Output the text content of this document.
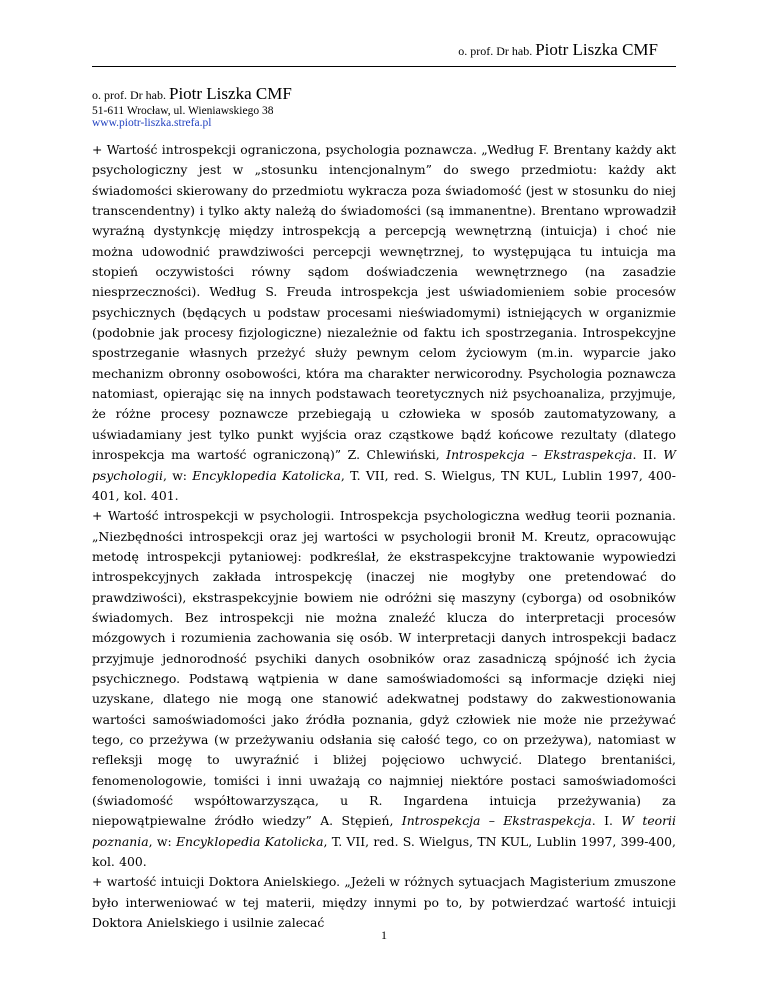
o. prof. Dr hab. Piotr Liszka CMF
o. prof. Dr hab. Piotr Liszka CMF
51-611 Wrocław, ul. Wieniawskiego 38
www.piotr-liszka.strefa.pl

+ Wartość introspekcji ograniczona, psychologia poznawcza. „Według F. Brentany każdy akt psychologiczny jest w „stosunku intencjonalnym” do swego przedmiotu: każdy akt świadomości skierowany do przedmiotu wykracza poza świadomość (jest w stosunku do niej transcendentny) i tylko akty należą do świadomości (są immanentne). Brentano wprowadził wyraźną dystynkcję między introspekcją a percepcją wewnętrzną (intuicja) i choć nie można udowodnić prawdziwości percepcji wewnętrznej, to występująca tu intuicja ma stopień oczywistości równy sądom doświadczenia wewnętrznego (na zasadzie niesprzeczności). Według S. Freuda introspekcja jest uświadomieniem sobie procesów psychicznych (będących u podstaw procesami nieświadomymi) istniejących w organizmie (podobnie jak procesy fizjologiczne) niezależnie od faktu ich spostrzegania. Introspekcyjne spostrzeganie własnych przeżyć służy pewnym celom życiowym (m.in. wyparcie jako mechanizm obronny osobowości, która ma charakter nerwicorodny. Psychologia poznawcza natomiast, opierając się na innych podstawach teoretycznych niż psychoanaliza, przyjmuje, że różne procesy poznawcze przebiegają u człowieka w sposób zautomatyzowany, a uświadamiany jest tylko punkt wyjścia oraz cząstkowe bądź końcowe rezultaty (dlatego inrospekcja ma wartość ograniczoną)” Z. Chlewiński, Introspekcja – Ekstraspekcja. II. W psychologii, w: Encyklopedia Katolicka, T. VII, red. S. Wielgus, TN KUL, Lublin 1997, 400-401, kol. 401.

+ Wartość introspekcji w psychologii. Introspekcja psychologiczna według teorii poznania. „Niezbędności introspekcji oraz jej wartości w psychologii bronił M. Kreutz, opracowując metodę introspekcji pytaniowej: podkreślał, że ekstraspekcyjne traktowanie wypowiedzi introspekcyjnych zakłada introspekcję (inaczej nie mogłyby one pretendować do prawdziwości), ekstraspekcyjnie bowiem nie odróżni się maszyny (cyborga) od osobników świadomych. Bez introspekcji nie można znaleźć klucza do interpretacji procesów mózgowych i rozumienia zachowania się osób. W interpretacji danych introspekcji badacz przyjmuje jednorodność psychiki danych osobników oraz zasadniczą spójność ich życia psychicznego. Podstawą wątpienia w dane samoświadomości są informacje dzięki niej uzyskane, dlatego nie mogą one stanowić adekwatnej podstawy do zakwestionowania wartości samoświadomości jako źródła poznania, gdyż człowiek nie może nie przeżywać tego, co przeżywa (w przeżywaniu odsłania się całość tego, co on przeżywa), natomiast w refleksji mogę to uwyraźnić i bliżej pojęciowo uchwycić. Dlatego brentaniści, fenomenologowie, tomiści i inni uważają co najmniej niektóre postaci samoświadomości (świadomość współtowarzysząca, u R. Ingardena intuicja przeżywania) za niepowątpiewalne źródło wiedzy” A. Stępień, Introspekcja – Ekstraspekcja. I. W teorii poznania, w: Encyklopedia Katolicka, T. VII, red. S. Wielgus, TN KUL, Lublin 1997, 399-400, kol. 400.

+ wartość intuicji Doktora Anielskiego. „Jeżeli w różnych sytuacjach Magisterium zmuszone było interweniować w tej materii, między innymi po to, by potwierdzać wartość intuicji Doktora Anielskiego i usilnie zalecać

1
